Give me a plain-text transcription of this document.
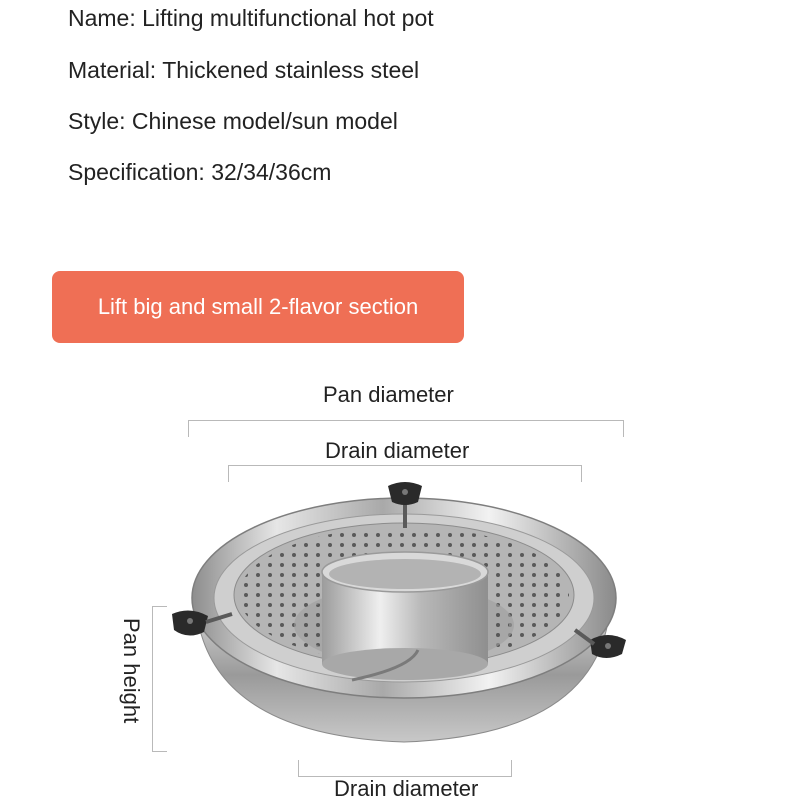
Name: Lifting multifunctional hot pot
Material: Thickened stainless steel
Style: Chinese model/sun model
Specification: 32/34/36cm
Lift big and small 2-flavor section
Pan diameter
Drain diameter
Pan height
Drain diameter
